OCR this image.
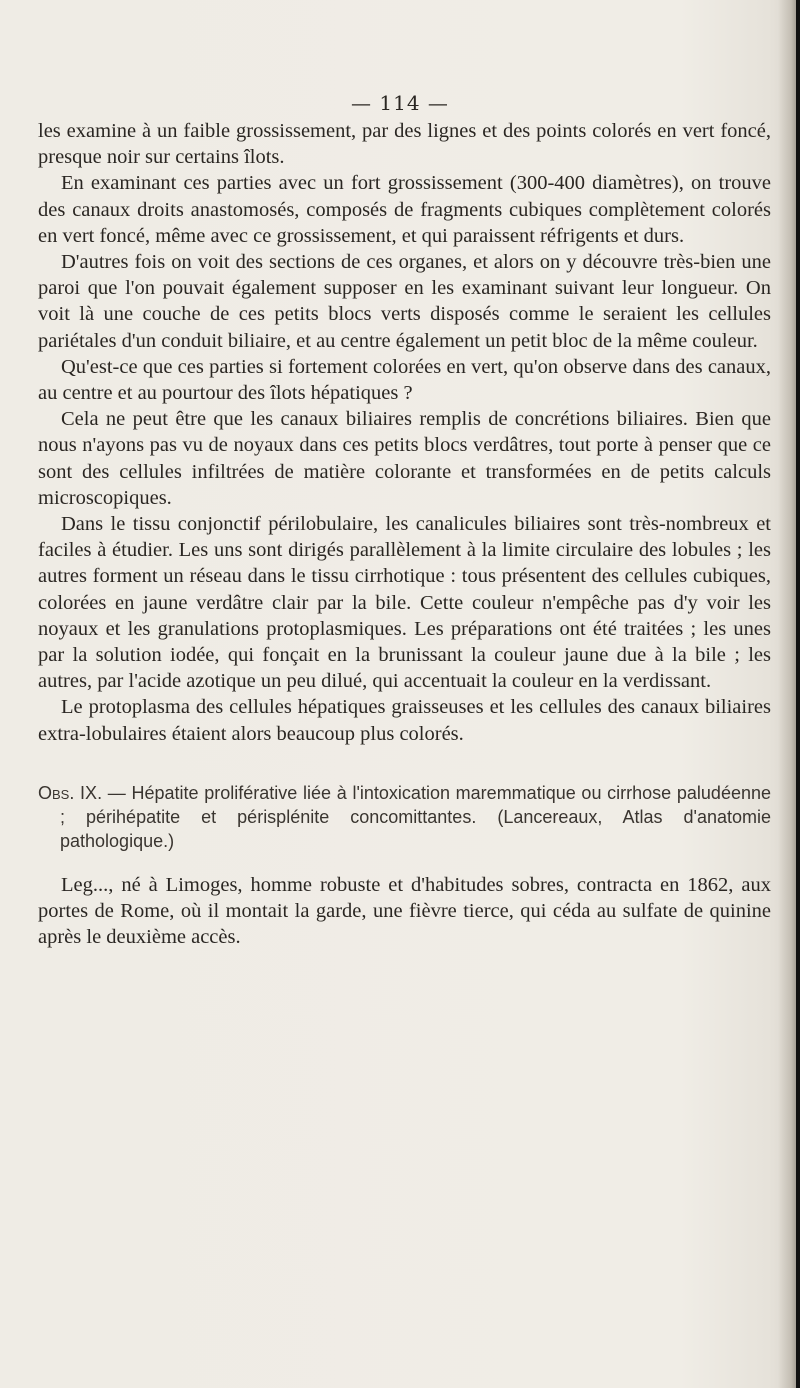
— 114 —

les examine à un faible grossissement, par des lignes et des points colorés en vert foncé, presque noir sur certains îlots.

En examinant ces parties avec un fort grossissement (300-400 diamètres), on trouve des canaux droits anastomosés, composés de fragments cubiques complètement colorés en vert foncé, même avec ce grossissement, et qui paraissent réfrigents et durs.

D'autres fois on voit des sections de ces organes, et alors on y découvre très-bien une paroi que l'on pouvait également supposer en les examinant suivant leur longueur. On voit là une couche de ces petits blocs verts disposés comme le seraient les cellules pariétales d'un conduit biliaire, et au centre également un petit bloc de la même couleur.

Qu'est-ce que ces parties si fortement colorées en vert, qu'on observe dans des canaux, au centre et au pourtour des îlots hépatiques ?

Cela ne peut être que les canaux biliaires remplis de concrétions biliaires. Bien que nous n'ayons pas vu de noyaux dans ces petits blocs verdâtres, tout porte à penser que ce sont des cellules infiltrées de matière colorante et transformées en de petits calculs microscopiques.

Dans le tissu conjonctif périlobulaire, les canalicules biliaires sont très-nombreux et faciles à étudier. Les uns sont dirigés parallèlement à la limite circulaire des lobules ; les autres forment un réseau dans le tissu cirrhotique : tous présentent des cellules cubiques, colorées en jaune verdâtre clair par la bile. Cette couleur n'empêche pas d'y voir les noyaux et les granulations protoplasmiques. Les préparations ont été traitées ; les unes par la solution iodée, qui fonçait en la brunissant la couleur jaune due à la bile ; les autres, par l'acide azotique un peu dilué, qui accentuait la couleur en la verdissant.

Le protoplasma des cellules hépatiques graisseuses et les cellules des canaux biliaires extra-lobulaires étaient alors beaucoup plus colorés.

Obs. IX. — Hépatite proliférative liée à l'intoxication maremmatique ou cirrhose paludéenne ; périhépatite et périsplénite concomittantes. (Lancereaux, Atlas d'anatomie pathologique.)

Leg..., né à Limoges, homme robuste et d'habitudes sobres, contracta en 1862, aux portes de Rome, où il montait la garde, une fièvre tierce, qui céda au sulfate de quinine après le deuxième accès.
